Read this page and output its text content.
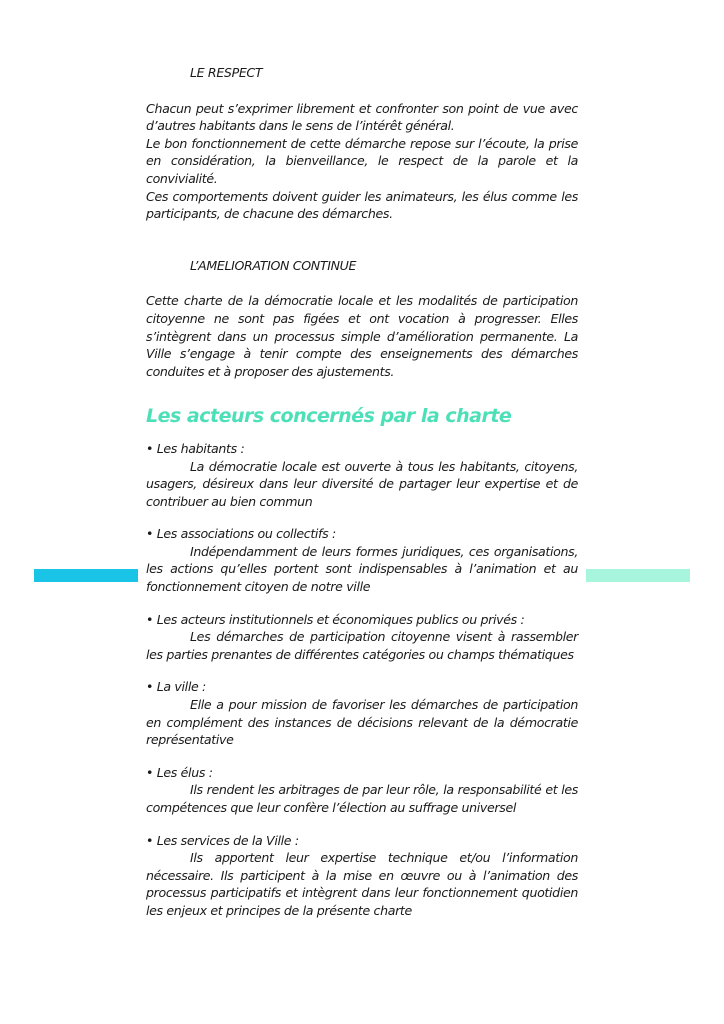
LE RESPECT

Chacun peut s’exprimer librement et confronter son point de vue avec d’autres habitants dans le sens de l’intérêt général.
Le bon fonctionnement de cette démarche repose sur l’écoute, la prise en considération, la bienveillance, le respect de la parole et la convivialité.
Ces comportements doivent guider les animateurs, les élus comme les participants, de chacune des démarches.

L’AMELIORATION CONTINUE

Cette charte de la démocratie locale et les modalités de participation citoyenne ne sont pas figées et ont vocation à progresser. Elles s’intègrent dans un processus simple d’amélioration permanente. La Ville s’engage à tenir compte des enseignements des démarches conduites et à proposer des ajustements.

Les acteurs concernés par la charte

• Les habitants :

La démocratie locale est ouverte à tous les habitants, citoyens, usagers, désireux dans leur diversité de partager leur expertise et de contribuer au bien commun

• Les associations ou collectifs :

Indépendamment de leurs formes juridiques, ces organisations, les actions qu’elles portent sont indispensables à l’animation et au fonctionnement citoyen de notre ville

• Les acteurs institutionnels et économiques publics ou privés :

Les démarches de participation citoyenne visent à rassembler les parties prenantes de différentes catégories ou champs thématiques

• La ville :

Elle a pour mission de favoriser les démarches de participation en complément des instances de décisions relevant de la démocratie représentative

• Les élus :

Ils rendent les arbitrages de par leur rôle, la responsabilité et les compétences que leur confère l’élection au suffrage universel

• Les services de la Ville :

Ils apportent leur expertise technique et/ou l’information nécessaire. Ils participent à la mise en œuvre ou à l’animation des processus participatifs et intègrent dans leur fonctionnement quotidien les enjeux et principes de la présente charte
